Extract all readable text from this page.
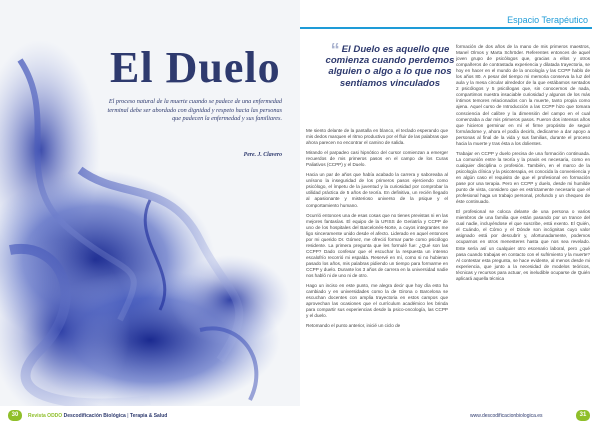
El Duelo
El proceso natural de la muerte cuando se padece de una enfermedad terminal debe ser abordado con dignidad y respeto hacia las personas que padecen la enfermedad y sus familiares.
Pere. J. Clavero
Espacio Terapéutico
“ El Duelo es aquello que comienza cuando perdemos alguien o algo a lo que nos sentiamos vinculados

Me siento delante de la pantalla en blanco, el teclado esperando que mis dedos marquen el ritmo productivo por el fluir de las palabras que ahora parecen no encontrar el camino de salida.

Mirando el parpadeo casi hipnótico del cursor comienzan a emerger recuerdos de mis primeros pasos en el campo de los Curas Paliativos (CCPP) y el Duelo.

Hacia un par de años que había acabado la carrera y saboreaba al unísono la inseguridad de los primeros pasos ejerciendo como psicólogo, el ímpetu de la juventud y la curiosidad por comprobar la utilidad práctica de 5 años de teoría. En definitiva, un recién llegado al apasionante y misterioso universo de la psique y el comportamiento humano.

Ocurrió entonces una de esas cosas que no tienes previstas ni en las mejores fantasías. El equipo de la UFISS de Geriatría y CCPP de uno de los hospitales del Barcelonés-Norte, a cuyos integrantes me ligo sinceramente unido desde el afecto. Liderado en aquel entonces por mi querido Dr. Gómez, me ofreció formar parte como psicólogo residente. La primera pregunta que les formulé fue: ¿Qué son las CCPP? Dado confesar que el escuchar la respuesta un intenso escalofrío recorrió mi espalda. Reservé en mí, como si no hubieran pasado los años, mis palabras pidiendo un tiempo para formarme en CCPP y duelo. Durante los 3 años de carrera en la universidad nadie nos habló ni de uno ni de otro.

Hago un inciso en este punto, me alegra decir que hoy día esto ha cambiado y en universidades como la de Girona o Barcelona se escuchan docentes con amplia trayectoria en estos campos que aprovechan las ocasiones que el currículum académico les brinda para compartir sus experiencias desde la psico-oncología, las CCPP y el duelo.

Retomando el punto anterior, inicié un ciclo de

formación de dos años de la mano de mis primeros maestros, Manel Olmos y Marta Schröder. Referentes entonces de aquel joven grupo de psicólogos que, gracias a ellos y otros compañeros de contrastada experiencia y dilatada trayectoria, se hoy en hacer en el mundo de la oncología y las CCPP hablo de los años 80. A pesar del tiempo mi memoria conserva la luz del aula y la mesa circular alrededor de la que estábamos sentados 2 psicólogos y 5 psicólogas que, sin conocernos de nada, compartimos nuestra insaciable curiosidad y algunos de los más íntimos temores relacionados con la muerte, tanto propia como ajena. Aquel curso de Introducción a las CCPP hizo que tomara consciencia del calibre y la dimensión del campo en el cual comenzaba a dar mis primeros pasos. Fueron dos intensos años que hicieron germinar en mí el firme propósito de seguir formándome y, ahora el podía decirlo, dedicarme a dar apoyo a personas al final de la vida y sus familias, durante el proceso hacia la muerte y tras ésta a los dolientes.

Trabajar en CCPP y duelo precisa de una formación continuada. La comunión entre la teoría y la praxis es necesaria, como en cualquier disciplina o profesión. También, en el marco de la psicología clínica y la psicoterapia, es conocida la conveniencia y en algún caso el requisito de que el profesional en formación pase por una terapia. Pero en CCPP y duelo, desde mi humilde punto de vista, considero que es estrictamente necesario que el profesional haga un trabajo personal, profundo y un chequeo de éste continuado.

El profesional se coloca delante de una persona o varios miembros de una familia que están pasando por un trance del cual nadie, incluyéndose el que suscribe, está exento. El Quién, el Cuándo, el Cómo y el Dónde son incógnitas cuyo valor asignado está por descubrir y, afortunadamente, podemos ocuparnos en otros menesteres hasta que nos sea revelado. Este sería así un cualquier otro escenario laboral, pero ¿qué pasa cuando trabajas en contacto con el sufrimiento y la muerte? Al contestar esta pregunta, se hace evidente, al menos desde mi experiencia, que junto a la necesidad de modelos teóricos, técnicas y recursos para actuar, es ineludible ocuparse de Quién aplicará aquella técnica

30	Revista ODDO Descodificación Biológica | Terapia & Salud	www.descodificacionbiologica.es	31
